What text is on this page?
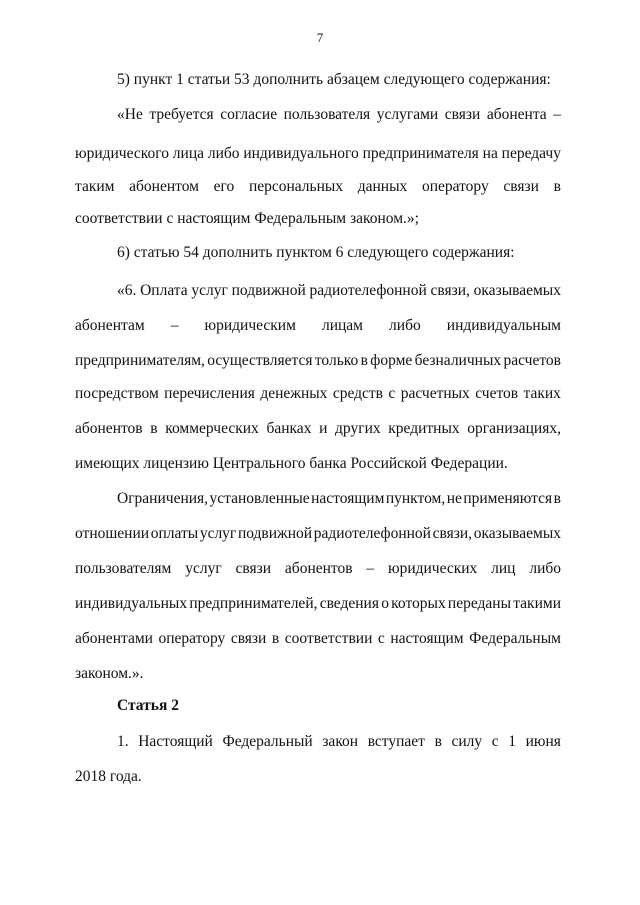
7
5) пункт 1 статьи 53 дополнить абзацем следующего содержания:
«Не требуется согласие пользователя услугами связи абонента –
юридического лица либо индивидуального предпринимателя на передачу
таким абонентом его персональных данных оператору связи в
соответствии с настоящим Федеральным законом.»;
6) статью 54 дополнить пунктом 6 следующего содержания:
«6. Оплата услуг подвижной радиотелефонной связи, оказываемых
абонентам – юридическим лицам либо индивидуальным
предпринимателям, осуществляется только в форме безналичных расчетов
посредством перечисления денежных средств с расчетных счетов таких
абонентов в коммерческих банках и других кредитных организациях,
имеющих лицензию Центрального банка Российской Федерации.
Ограничения, установленные настоящим пунктом, не применяются в
отношении оплаты услуг подвижной радиотелефонной связи, оказываемых
пользователям услуг связи абонентов – юридических лиц либо
индивидуальных предпринимателей, сведения о которых переданы такими
абонентами оператору связи в соответствии с настоящим Федеральным
законом.».
Статья 2
1. Настоящий Федеральный закон вступает в силу с 1 июня
2018 года.
